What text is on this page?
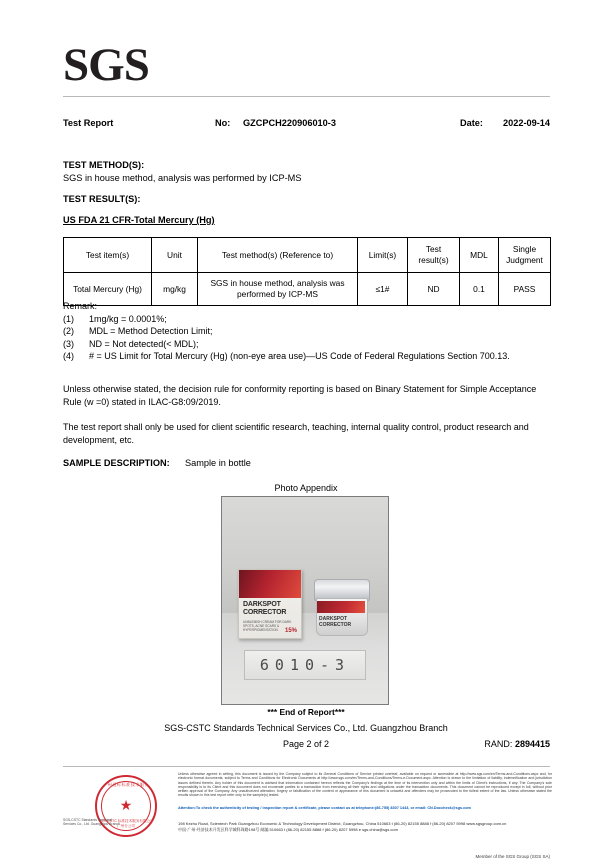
SGS
Test Report	No: GZCPCH220906010-3	Date: 2022-09-14
TEST METHOD(S):
SGS in house method, analysis was performed by ICP-MS
TEST RESULT(S):
US FDA 21 CFR-Total Mercury (Hg)
Test item(s)	Unit	Test method(s) (Reference to)	Limit(s)	Test result(s)	MDL	Single Judgment
Total Mercury (Hg)	mg/kg	SGS in house method, analysis was performed by ICP-MS	≤1#	ND	0.1	PASS
Remark:
(1) 1mg/kg = 0.0001%;
(2) MDL = Method Detection Limit;
(3) ND = Not detected(< MDL);
(4) # = US Limit for Total Mercury (Hg) (non-eye area use)—US Code of Federal Regulations Section 700.13.
Unless otherwise stated, the decision rule for conformity reporting is based on Binary Statement for Simple Acceptance Rule (w =0) stated in ILAC-G8:09/2019.
The test report shall only be used for client scientific research, teaching, internal quality control, product research and development, etc.
SAMPLE DESCRIPTION: Sample in bottle
Photo Appendix
DARKSPOT
CORRECTOR
UNBLEMISH CREAM FOR DARK SPOTS, ACNE SCARS & HYPERPIGMENTATION	15%
DARKSPOT
CORRECTOR
6010-3
*** End of Report***
SGS-CSTC Standards Technical Services Co., Ltd. Guangzhou Branch
Page 2 of 2	RAND: 2894415
广州通标标准技术服务
★
SGS-CSTC 标准技术服务有限公司广州分公司
SGS-CSTC Standards Technical Services Co., Ltd. Guangzhou Branch
Unless otherwise agreed in writing, this document is issued by the Company subject to its General Conditions of Service printed overleaf, available on request or accessible at http://www.sgs.com/en/Terms-and-Conditions.aspx and, for electronic format documents, subject to Terms and Conditions for Electronic Documents at http://www.sgs.com/en/Terms-and-Conditions/Terms-e-Document.aspx. Attention is drawn to the limitation of liability, indemnification and jurisdiction issues defined therein. Any holder of this document is advised that information contained hereon reflects the Company's findings at the time of its intervention only and within the limits of Client's instructions, if any. The Company's sole responsibility is to its Client and this document does not exonerate parties to a transaction from exercising all their rights and obligations under the transaction documents. This document cannot be reproduced except in full, without prior written approval of the Company. Any unauthorized alteration, forgery or falsification of the content or appearance of this document is unlawful and offenders may be prosecuted to the fullest extent of the law. Unless otherwise stated the results shown in this test report refer only to the sample(s) tested.
Attention:To check the authenticity of testing / inspection report & certificate, please contact us at telephone:(86-755) 8307 1443, or email: CN.Doccheck@sgs.com
198 Kezhu Road, Scientech Park Guangzhou Economic & Technology Development District, Guangzhou, China 510663 t (86-20) 82155 8888 f (86-20) 8207 5998 www.sgsgroup.com.cn
中国·广州·经济技术开发区科学城科珠路198号 邮编 510663 t (86-20) 82155 8888 f (86-20) 8207 5998 e sgs.china@sgs.com
Member of the SGS Group (SGS SA)
